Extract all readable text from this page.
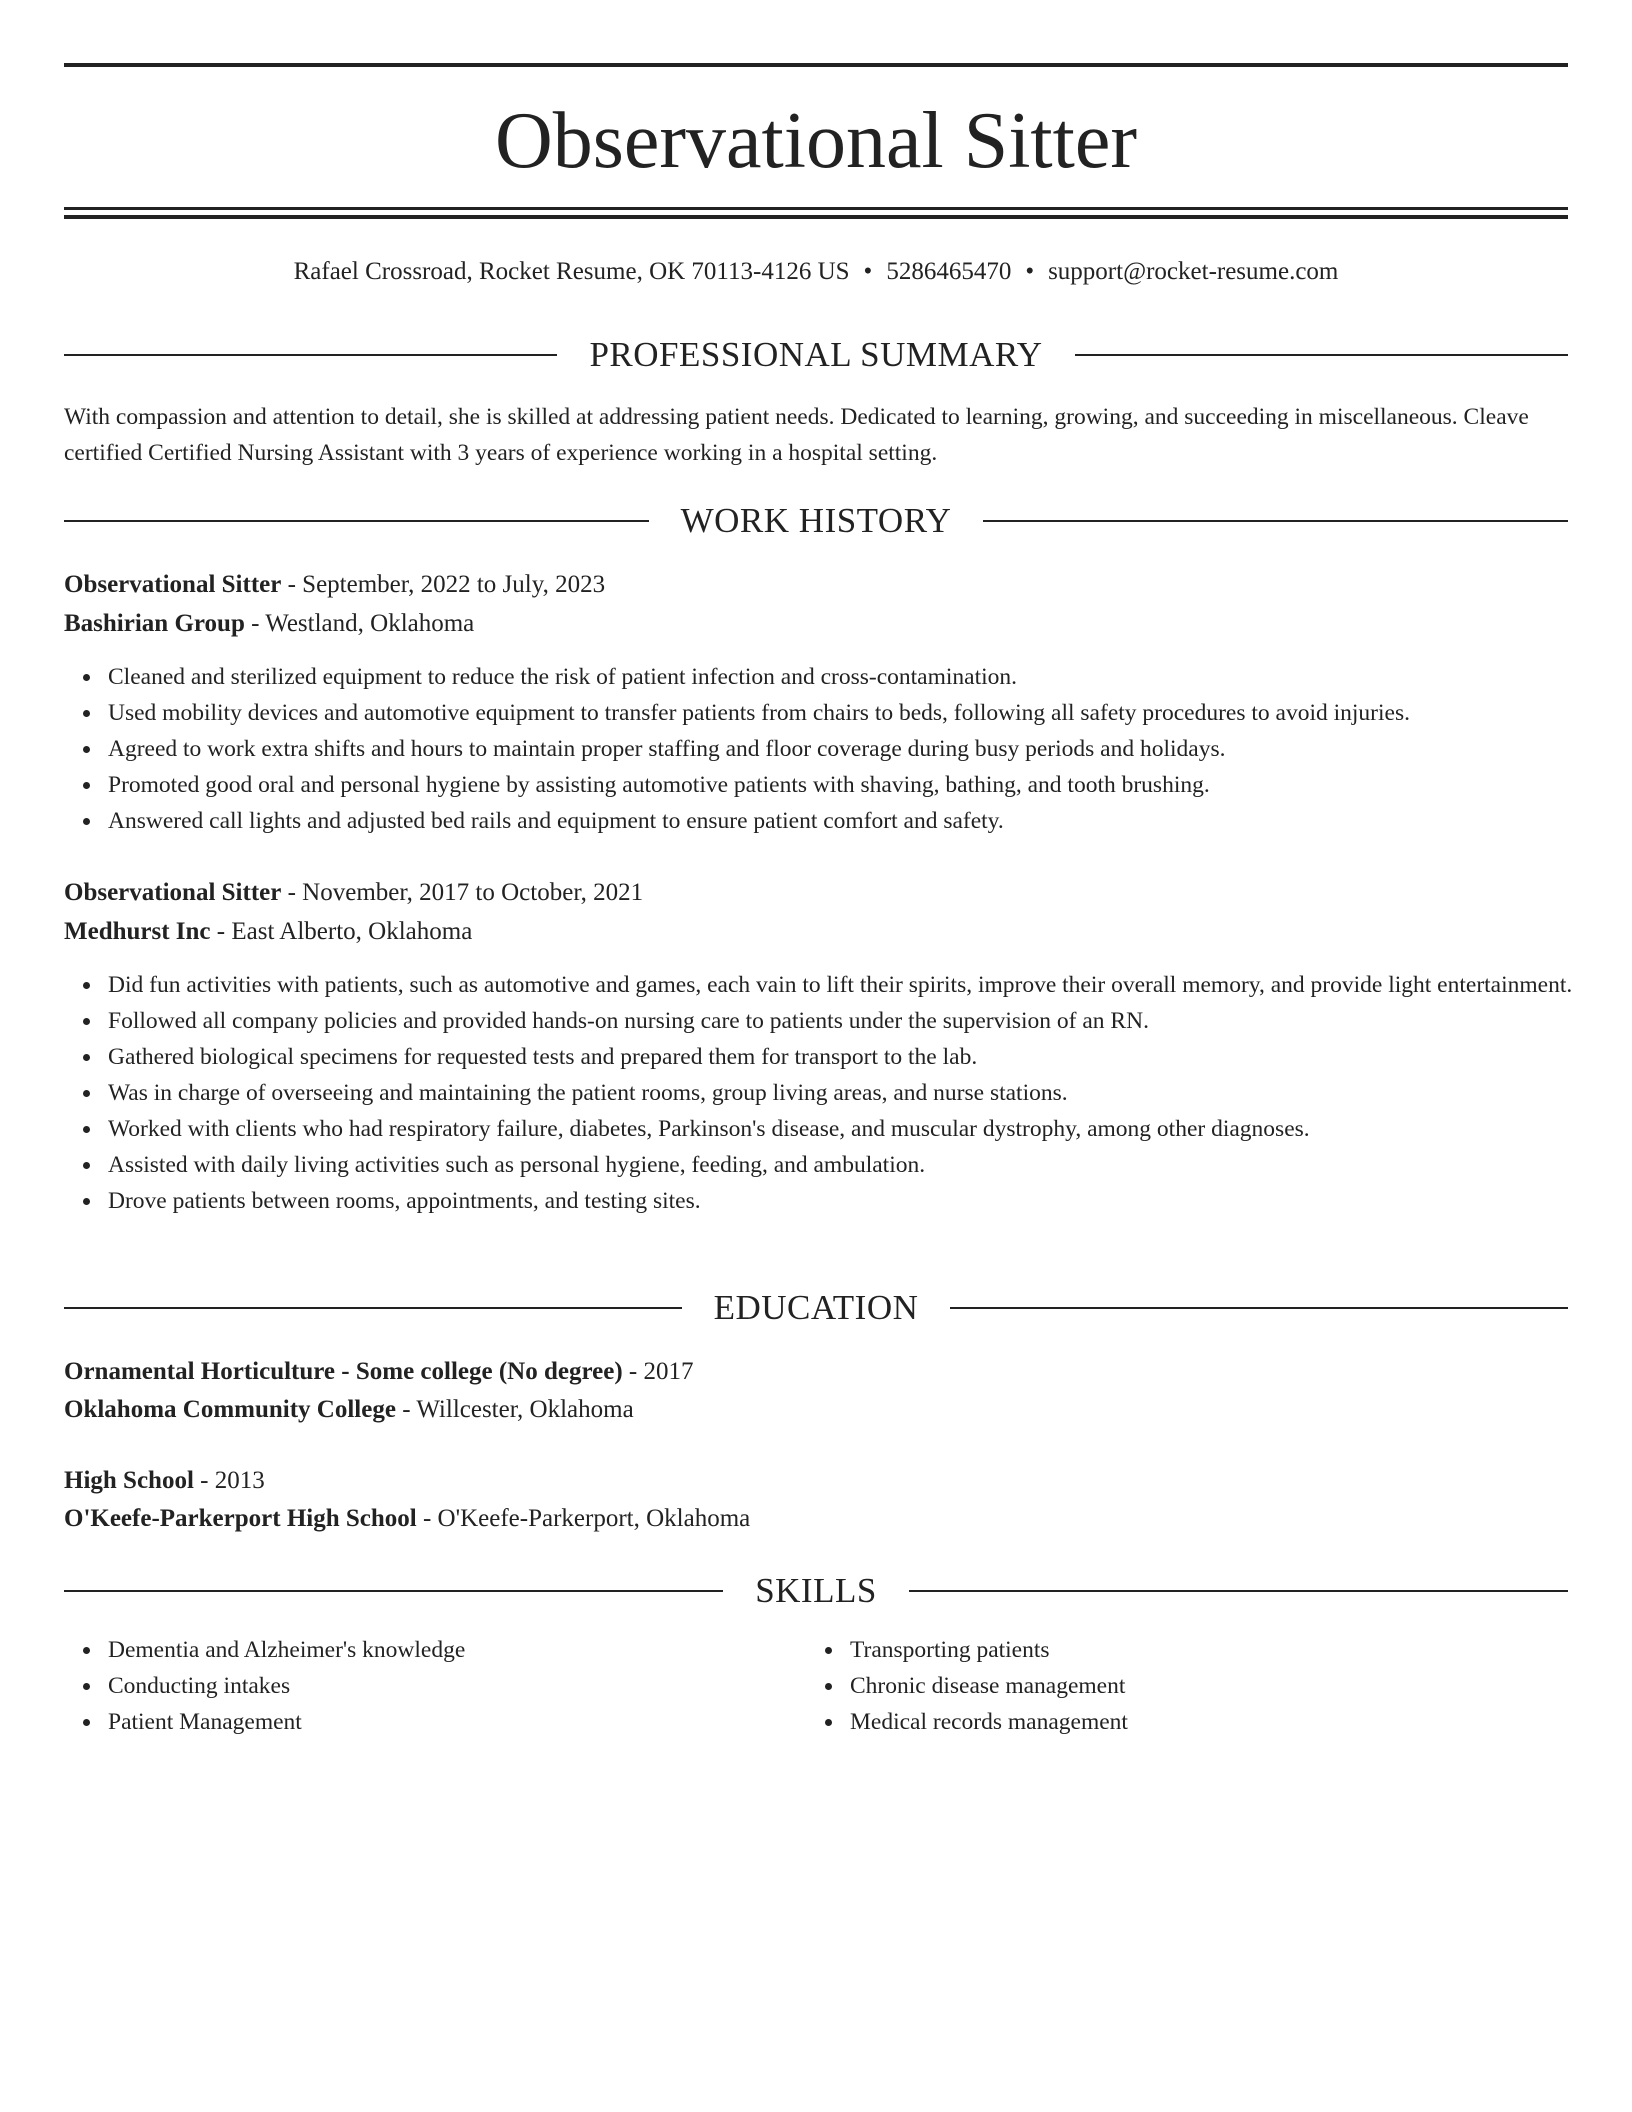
Observational Sitter
Rafael Crossroad, Rocket Resume, OK 70113-4126 US • 5286465470 • support@rocket-resume.com
PROFESSIONAL SUMMARY

With compassion and attention to detail, she is skilled at addressing patient needs. Dedicated to learning, growing, and succeeding in miscellaneous. Cleave certified Certified Nursing Assistant with 3 years of experience working in a hospital setting.

WORK HISTORY
Observational Sitter - September, 2022 to July, 2023
Bashirian Group - Westland, Oklahoma
Cleaned and sterilized equipment to reduce the risk of patient infection and cross-contamination.
Used mobility devices and automotive equipment to transfer patients from chairs to beds, following all safety procedures to avoid injuries.
Agreed to work extra shifts and hours to maintain proper staffing and floor coverage during busy periods and holidays.
Promoted good oral and personal hygiene by assisting automotive patients with shaving, bathing, and tooth brushing.
Answered call lights and adjusted bed rails and equipment to ensure patient comfort and safety.
Observational Sitter - November, 2017 to October, 2021
Medhurst Inc - East Alberto, Oklahoma
Did fun activities with patients, such as automotive and games, each vain to lift their spirits, improve their overall memory, and provide light entertainment.
Followed all company policies and provided hands-on nursing care to patients under the supervision of an RN.
Gathered biological specimens for requested tests and prepared them for transport to the lab.
Was in charge of overseeing and maintaining the patient rooms, group living areas, and nurse stations.
Worked with clients who had respiratory failure, diabetes, Parkinson's disease, and muscular dystrophy, among other diagnoses.
Assisted with daily living activities such as personal hygiene, feeding, and ambulation.
Drove patients between rooms, appointments, and testing sites.
EDUCATION
Ornamental Horticulture - Some college (No degree) - 2017
Oklahoma Community College - Willcester, Oklahoma
High School - 2013
O'Keefe-Parkerport High School - O'Keefe-Parkerport, Oklahoma
SKILLS
Dementia and Alzheimer's knowledge
Conducting intakes
Patient Management
Transporting patients
Chronic disease management
Medical records management
